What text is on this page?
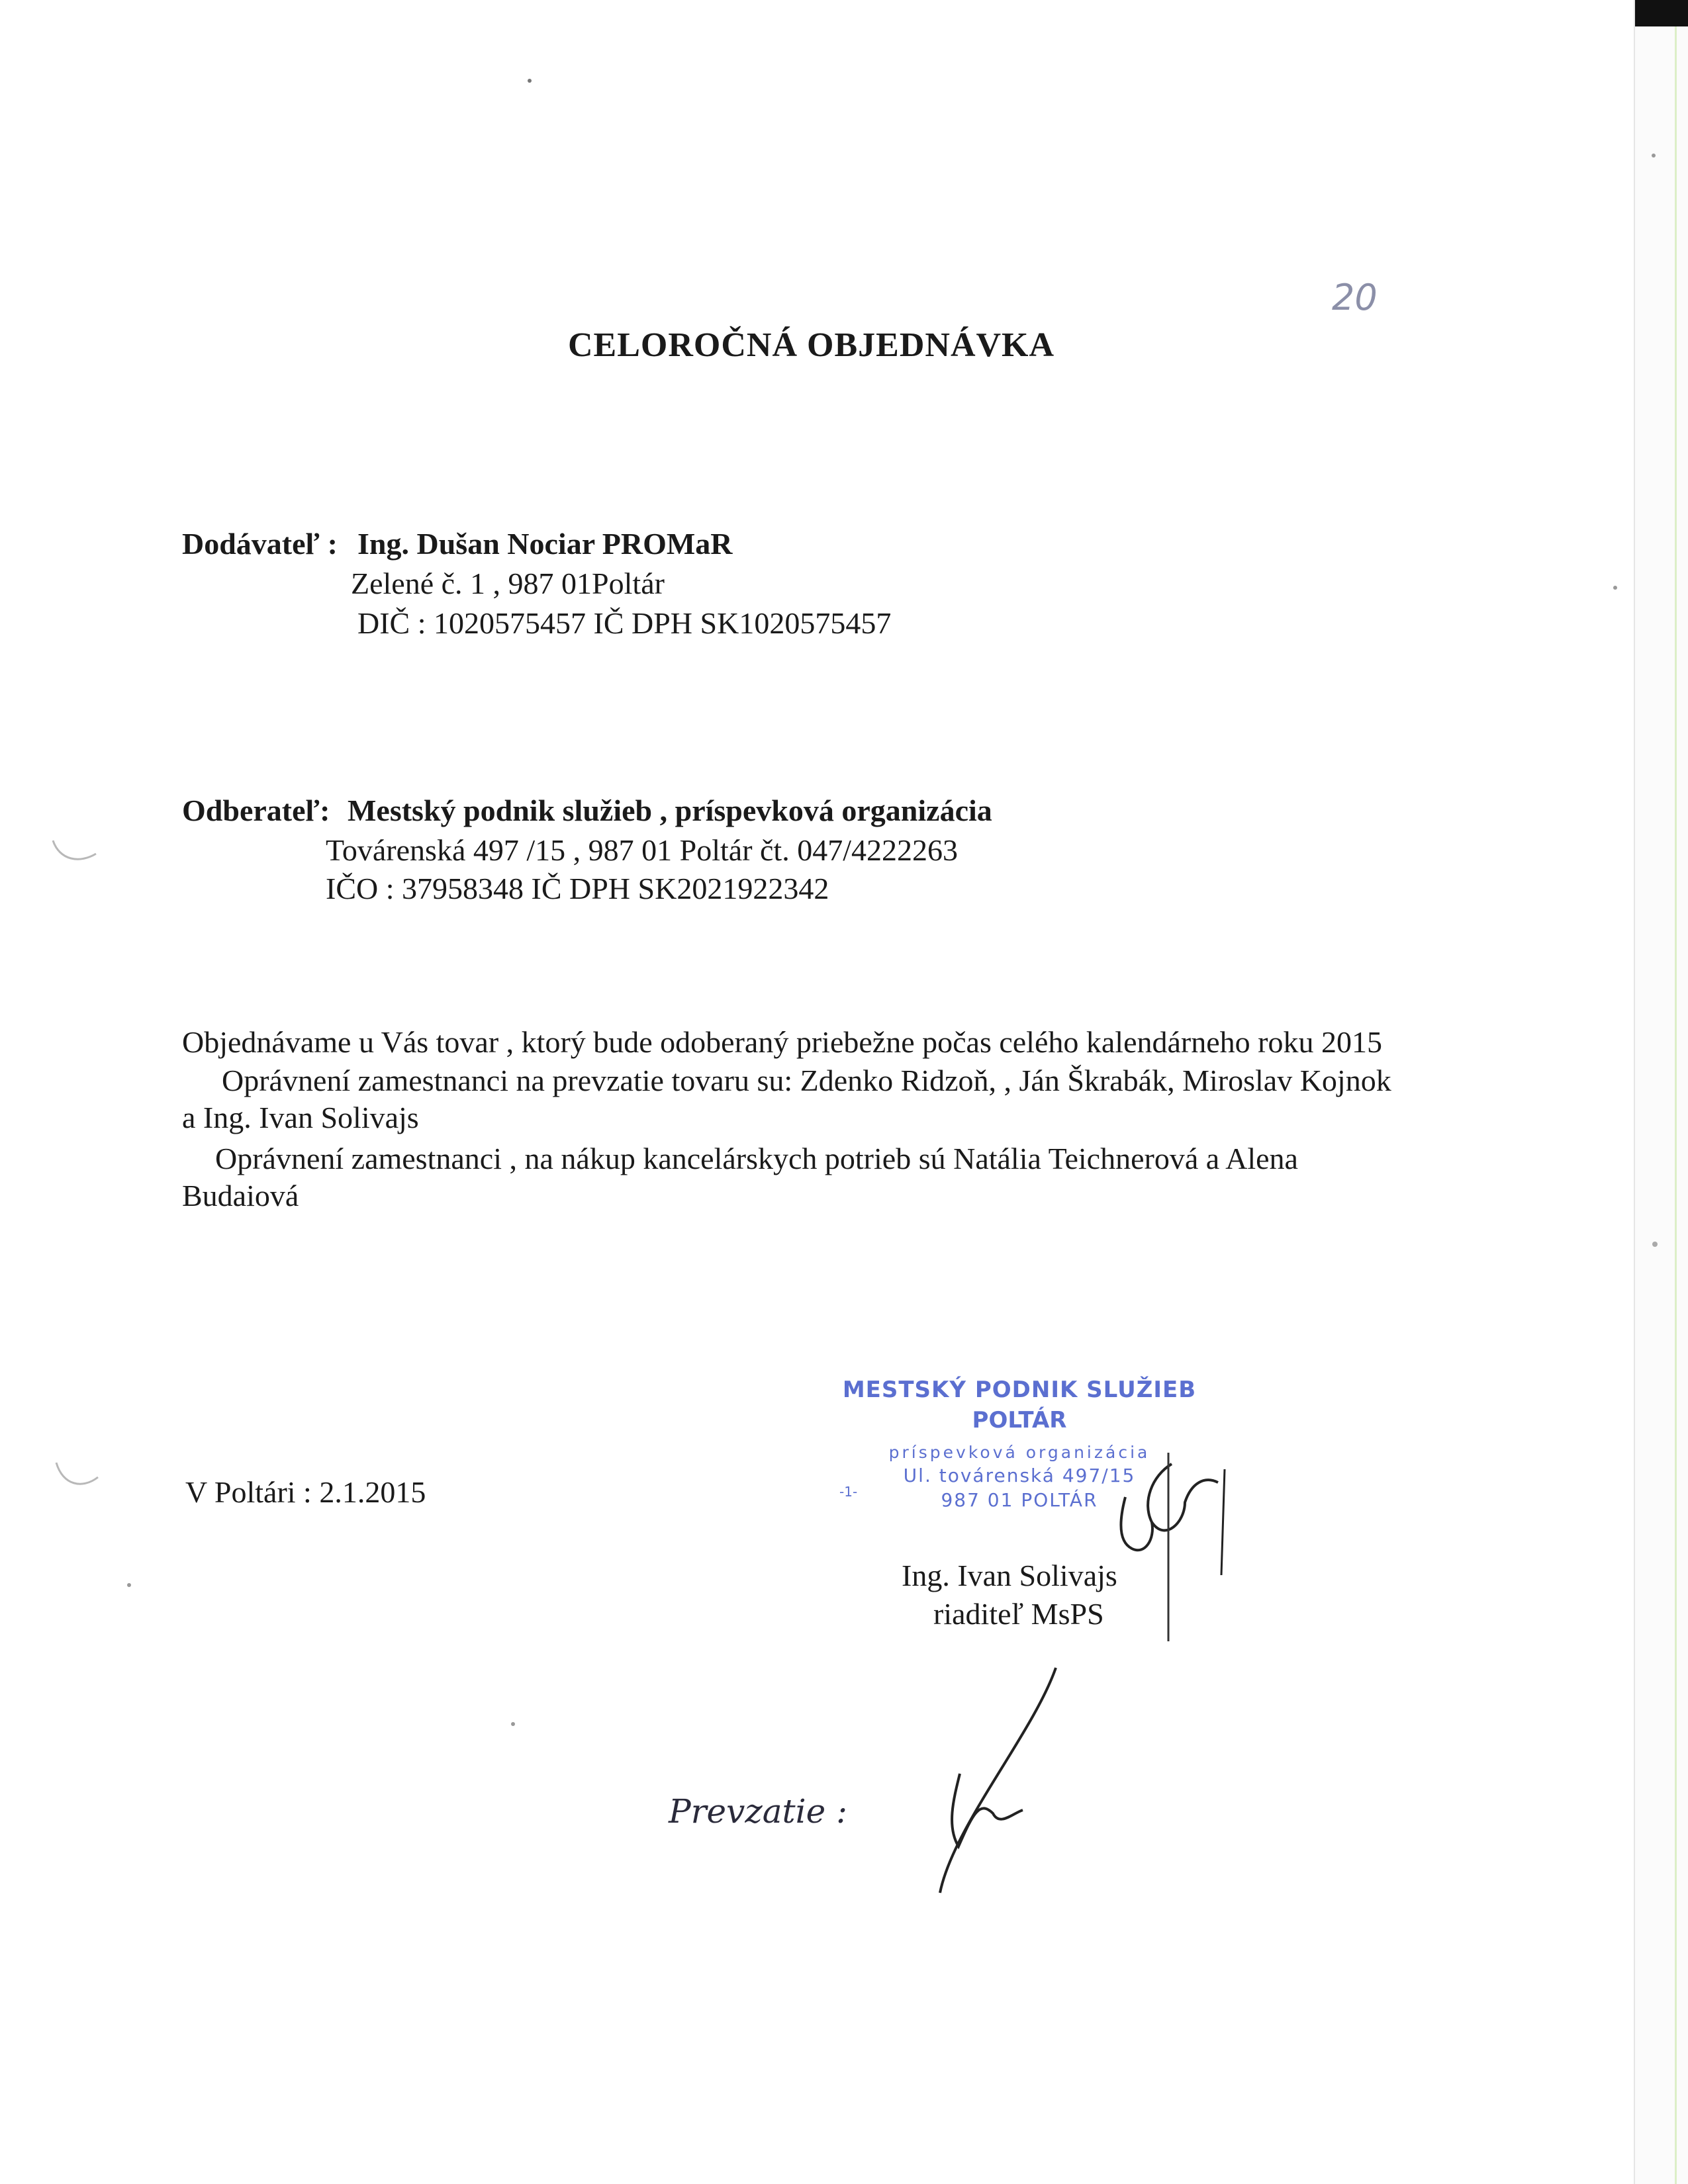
20
CELOROČNÁ OBJEDNÁVKA
Dodávateľ : Ing. Dušan Nociar PROMaR
Zelené č. 1 , 987 01Poltár
DIČ : 1020575457 IČ DPH SK1020575457
Odberateľ: Mestský podnik služieb , príspevková organizácia
Továrenská 497 /15 , 987 01 Poltár čt. 047/4222263
IČO : 37958348 IČ DPH SK2021922342
Objednávame u Vás tovar , ktorý bude odoberaný priebežne počas celého kalendárneho roku 2015
Oprávnení zamestnanci na prevzatie tovaru su: Zdenko Ridzoň, , Ján Škrabák, Miroslav Kojnok
a Ing. Ivan Solivajs
Oprávnení zamestnanci , na nákup kancelárskych potrieb sú Natália Teichnerová a Alena
Budaiová
V Poltári : 2.1.2015
MESTSKÝ PODNIK SLUŽIEB
POLTÁR
príspevková organizácia
Ul. továrenská 497/15
987 01 POLTÁR
-1-
Ing. Ivan Solivajs
riaditeľ MsPS
Prevzatie :
